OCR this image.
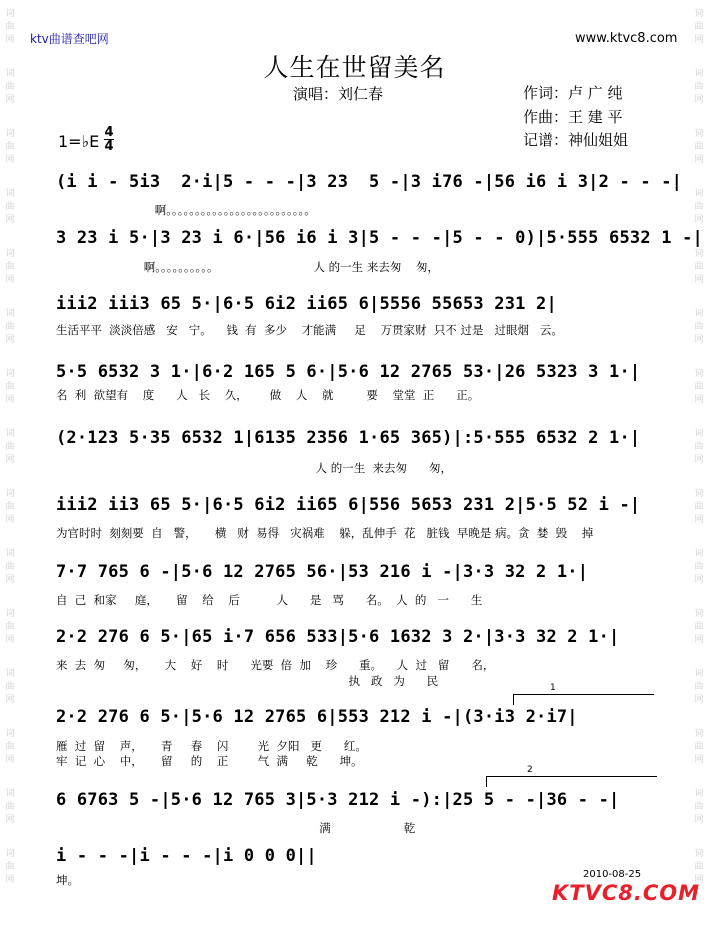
词
曲
网
词
曲
网
词
曲
网
词
曲
网
词
曲
网
词
曲
网
词
曲
网
词
曲
网
词
曲
网
词
曲
网
词
曲
网
词
曲
网
词
曲
网
词
曲
网
词
曲
网
词
曲
网
词
曲
网
词
曲
网
词
曲
网
词
曲
网
词
曲
网
词
曲
网
词
曲
网
词
曲
网
词
曲
网
词
曲
网
词
曲
网
词
曲
网
词
曲
网
词
曲
网
ktv曲谱查吧网	www.ktvc8.com
人生在世留美名
演唱：刘仁春	作词：卢 广 纯
作曲：王 建 平
记谱：神仙姐姐
1=♭E 4
4
(i i - 5i3  2·i|5 - - -|3 23  5 -|3 i76 -|56 i6 i 3|2 - - -|
啊。。。。。。。。。。。。。。。。。。。。。。。。。
3 23 i 5·|3 23 i 6·|56 i6 i 3|5 - - -|5 - - 0)|5·555 6532 1 -|
啊。。。。。。。。。。                          人 的一生 来去匆    匆，
iii2 iii3 65 5·|6·5 6i2 ii65 6|5556 55653 231 2|
生活平平  淡淡倍感   安   宁。    钱  有  多少    才能满     足    万贯家财  只不 过是   过眼烟   云。
5·5 6532 3 1·|6·2 165 5 6·|5·6 12 2765 53·|26 5323 3 1·|
名  利  欲望有    度      人   长    久，      做    人    就         要    堂堂  正      正。
(2·123 5·35 6532 1|6135 2356 1·65 365)|:5·555 6532 2 1·|
人 的一生  来去匆      匆，
iii2 ii3 65 5·|6·5 6i2 ii65 6|556 5653 231 2|5·5 52 i -|
为官时时  刻刻要  自   警，     横   财  易得   灾祸难    躲，乱伸手  花   脏钱  早晚是 病。贪  婪  毁    掉
7·7 765 6 -|5·6 12 2765 56·|53 216 i -|3·3 32 2 1·|
自  己  和家     庭，     留    给    后          人      是   骂      名。  人  的   一      生
2·2 276 6 5·|65 i·7 656 533|5·6 1632 3 2·|3·3 32 2 1·|
来  去  匆     匆，     大    好    时      光要  倍  加    珍      重。    人  过   留      名，
执   政   为      民	1
2·2 276 6 5·|5·6 12 2765 6|553 212 i -|(3·i3 2·i7|
雁  过  留    声，     青     春    闪        光  夕阳   更      红。
牢  记  心    中，     留     的    正        气  满     乾      坤。
2
6 6763 5 -|5·6 12 765 3|5·3 212 i -):|25 5 - -|36 - -|
满                    乾
i - - -|i - - -|i 0 0 0||
坤。	2010-08-25
KTVC8.COM
